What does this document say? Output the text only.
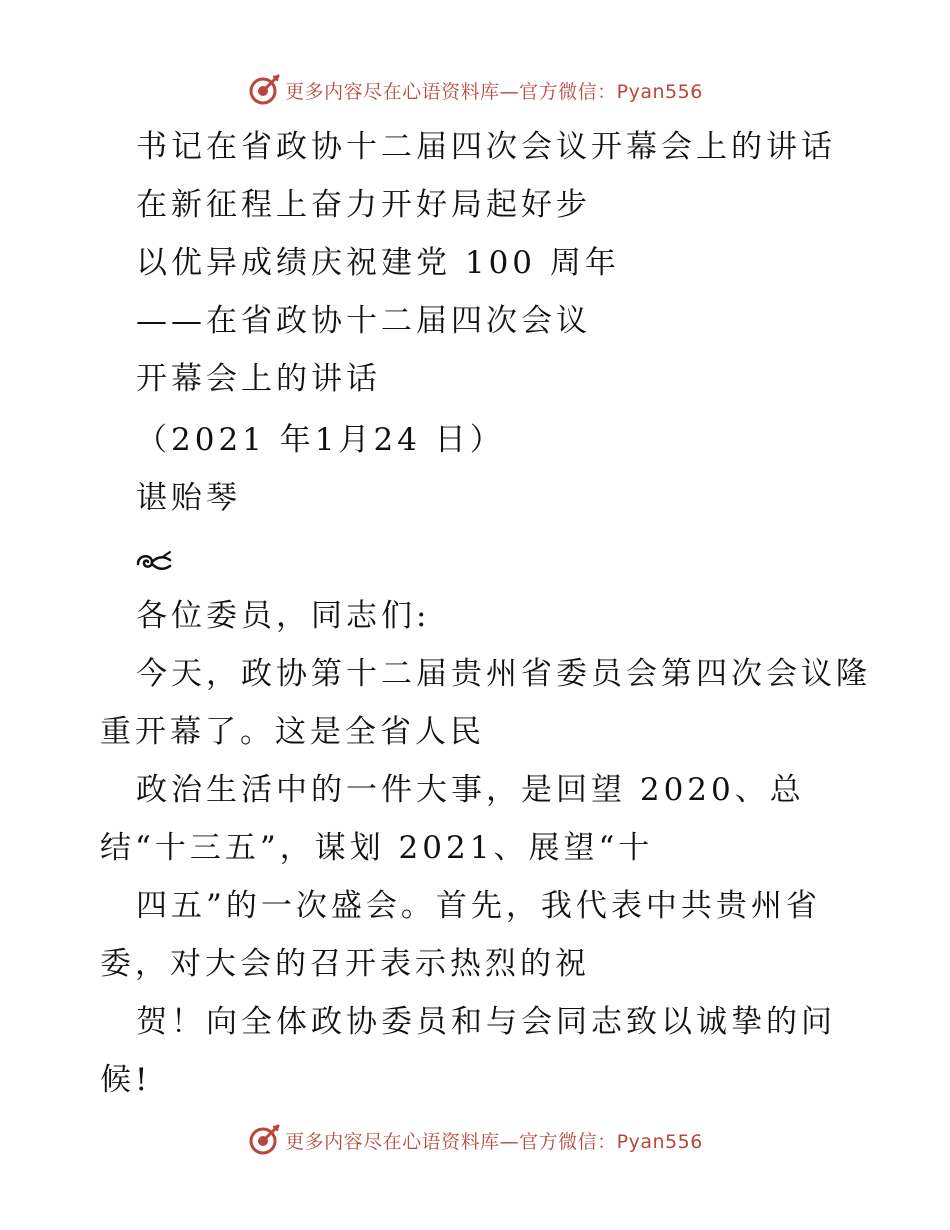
更多内容尽在心语资料库—官方微信：Pyan556
书记在省政协十二届四次会议开幕会上的讲话
在新征程上奋力开好局起好步
以优异成绩庆祝建党 100 周年
——在省政协十二届四次会议
开幕会上的讲话
（2021 年1月24 日）
谌贻琴
各位委员，同志们:
今天，政协第十二届贵州省委员会第四次会议隆
重开幕了。这是全省人民
政治生活中的一件大事，是回望 2020、总
结“十三五”，谋划 2021、展望“十
四五”的一次盛会。首先，我代表中共贵州省
委，对大会的召开表示热烈的祝
贺！向全体政协委员和与会同志致以诚挚的问
候!
更多内容尽在心语资料库—官方微信：Pyan556
